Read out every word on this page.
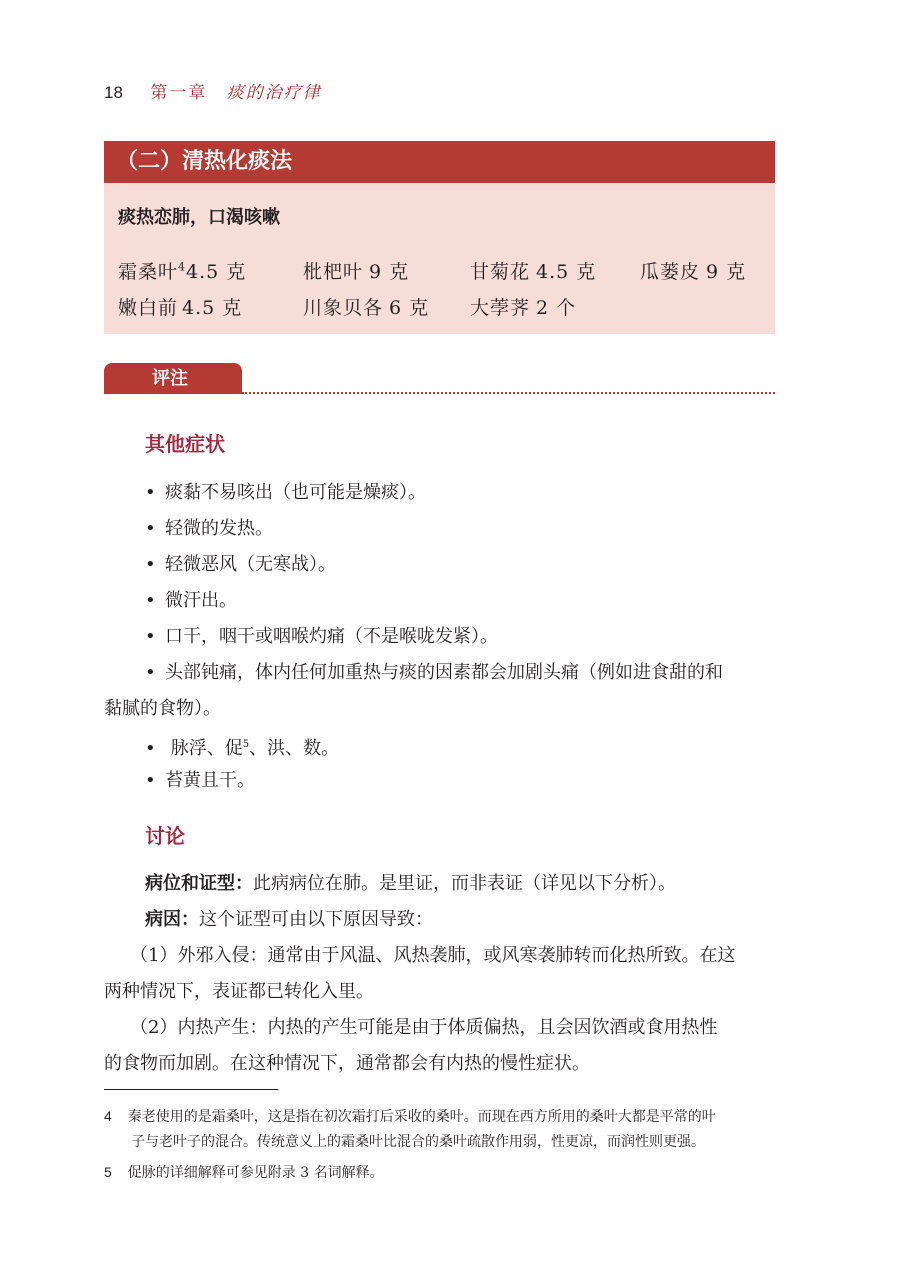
18 第一章 痰的治疗律
（二）清热化痰法
痰热恋肺，口渴咳嗽
霜桑叶$^4$4.5 克	枇杷叶 9 克	甘菊花 4.5 克 瓜蒌皮 9 克
嫩白前 4.5 克	川象贝各 6 克 大荸荠 2 个
评注
其他症状
• 痰黏不易咳出（也可能是燥痰）。
• 轻微的发热。
• 轻微恶风（无寒战）。
• 微汗出。
• 口干，咽干或咽喉灼痛（不是喉咙发紧）。
• 头部钝痛，体内任何加重热与痰的因素都会加剧头痛（例如进食甜的和
黏腻的食物）。
• 脉浮、促$^5$、洪、数。
• 苔黄且干。
讨论
病位和证型：此病病位在肺。是里证，而非表证（详见以下分析）。
病因：这个证型可由以下原因导致：
（1）外邪入侵：通常由于风温、风热袭肺，或风寒袭肺转而化热所致。在这
两种情况下，表证都已转化入里。
（2）内热产生：内热的产生可能是由于体质偏热，且会因饮酒或食用热性
的食物而加剧。在这种情况下，通常都会有内热的慢性症状。
4 秦老使用的是霜桑叶，这是指在初次霜打后采收的桑叶。而现在西方所用的桑叶大都是平常的叶
子与老叶子的混合。传统意义上的霜桑叶比混合的桑叶疏散作用弱，性更凉，而润性则更强。
5 促脉的详细解释可参见附录 3 名词解释。
